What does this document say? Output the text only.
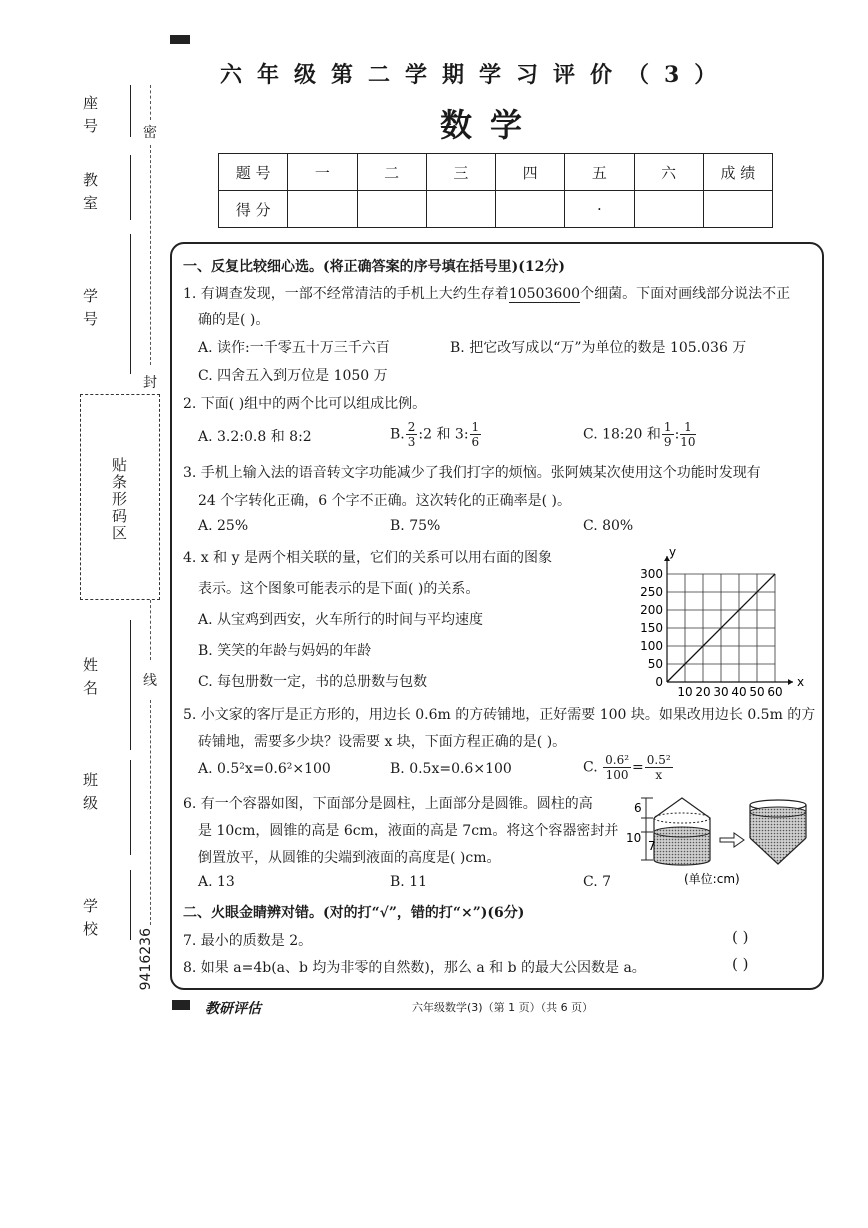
六年级第二学期学习评价（3）
数学
题 号	一	二	三	四	五	六	成 绩
得 分					·		
座号
教室
学号
姓名
班级
学校
密
封
线
贴条形码区
9416236
一、反复比较细心选。(将正确答案的序号填在括号里)(12分)
1. 有调查发现，一部不经常清洁的手机上大约生存着10503600个细菌。下面对画线部分说法不正
确的是( )。
A. 读作:一千零五十万三千六百	B. 把它改写成以“万”为单位的数是 105.036 万
C. 四舍五入到万位是 1050 万
2. 下面( )组中的两个比可以组成比例。
A. 3.2:0.8 和 8:2	B. $\frac{2}{3}$ :2 和 3: $\frac{1}{6}$	C. 18:20 和 $\frac{1}{9}$ : $\frac{1}{10}$
3. 手机上输入法的语音转文字功能减少了我们打字的烦恼。张阿姨某次使用这个功能时发现有
24 个字转化正确，6 个字不正确。这次转化的正确率是( )。
A. 25%	B. 75%	C. 80%
4. x 和 y 是两个相关联的量，它们的关系可以用右面的图象
表示。这个图象可能表示的是下面( )的关系。
A. 从宝鸡到西安，火车所行的时间与平均速度
B. 笑笑的年龄与妈妈的年龄
C. 每包册数一定，书的总册数与包数	x
y
10 20 30 40 50 60
0
50
100
150
200
250
300
5. 小文家的客厅是正方形的，用边长 0.6m 的方砖铺地，正好需要 100 块。如果改用边长 0.5m 的方
砖铺地，需要多少块？设需要 x 块，下面方程正确的是( )。
A. 0.5²x=0.6²×100	B. 0.5x=0.6×100	C. $\frac{\text{0.6²}}{100} = \frac{\text{0.5²}}{x}$
6. 有一个容器如图，下面部分是圆柱，上面部分是圆锥。圆柱的高
是 10cm，圆锥的高是 6cm，液面的高是 7cm。将这个容器密封并
倒置放平，从圆锥的尖端到液面的高度是( )cm。
A. 13	B. 11	C. 7
6
10
7
(单位:cm)
二、火眼金睛辨对错。(对的打“√”，错的打“×”)(6分)
7. 最小的质数是 2。	( )
8. 如果 a=4b(a、b 均为非零的自然数)，那么 a 和 b 的最大公因数是 a。	( )
教研评估	六年级数学(3)（第 1 页）（共 6 页）
